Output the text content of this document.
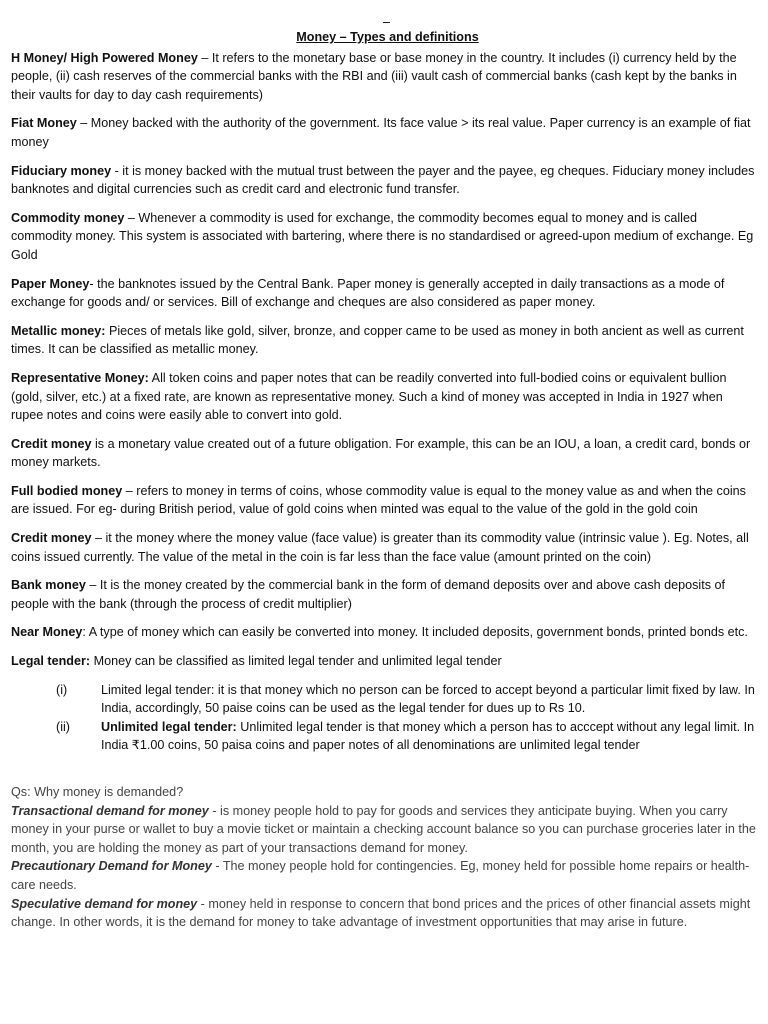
Money – Types and definitions
H Money/ High Powered Money – It refers to the monetary base or base money in the country. It includes (i) currency held by the people, (ii) cash reserves of the commercial banks with the RBI and (iii) vault cash of commercial banks (cash kept by the banks in their vaults for day to day cash requirements)
Fiat Money – Money backed with the authority of the government. Its face value > its real value. Paper currency is an example of fiat money
Fiduciary money - it is money backed with the mutual trust between the payer and the payee, eg cheques. Fiduciary money includes banknotes and digital currencies such as credit card and electronic fund transfer.
Commodity money – Whenever a commodity is used for exchange, the commodity becomes equal to money and is called commodity money. This system is associated with bartering, where there is no standardised or agreed-upon medium of exchange. Eg Gold
Paper Money- the banknotes issued by the Central Bank. Paper money is generally accepted in daily transactions as a mode of exchange for goods and/ or services. Bill of exchange and cheques are also considered as paper money.
Metallic money: Pieces of metals like gold, silver, bronze, and copper came to be used as money in both ancient as well as current times. It can be classified as metallic money.
Representative Money: All token coins and paper notes that can be readily converted into full-bodied coins or equivalent bullion (gold, silver, etc.) at a fixed rate, are known as representative money. Such a kind of money was accepted in India in 1927 when rupee notes and coins were easily able to convert into gold.
Credit money is a monetary value created out of a future obligation. For example, this can be an IOU, a loan, a credit card, bonds or money markets.
Full bodied money – refers to money in terms of coins, whose commodity value is equal to the money value as and when the coins are issued. For eg- during British period, value of gold coins when minted was equal to the value of the gold in the gold coin
Credit money – it the money where the money value (face value) is greater than its commodity value (intrinsic value ). Eg. Notes, all coins issued currently. The value of the metal in the coin is far less than the face value (amount printed on the coin)
Bank money – It is the money created by the commercial bank in the form of demand deposits over and above cash deposits of people with the bank (through the process of credit multiplier)
Near Money: A type of money which can easily be converted into money. It included deposits, government bonds, printed bonds etc.
Legal tender: Money can be classified as limited legal tender and unlimited legal tender
(i)	Limited legal tender: it is that money which no person can be forced to accept beyond a particular limit fixed by law. In India, accordingly, 50 paise coins can be used as the legal tender for dues up to Rs 10.
(ii)	Unlimited legal tender: Unlimited legal tender is that money which a person has to acccept without any legal limit. In India ₹1.00 coins, 50 paisa coins and paper notes of all denominations are unlimited legal tender
Qs: Why money is demanded?
Transactional demand for money - is money people hold to pay for goods and services they anticipate buying. When you carry money in your purse or wallet to buy a movie ticket or maintain a checking account balance so you can purchase groceries later in the month, you are holding the money as part of your transactions demand for money.
Precautionary Demand for Money - The money people hold for contingencies. Eg, money held for possible home repairs or health-care needs.
Speculative demand for money - money held in response to concern that bond prices and the prices of other financial assets might change. In other words, it is the demand for money to take advantage of investment opportunities that may arise in future.
